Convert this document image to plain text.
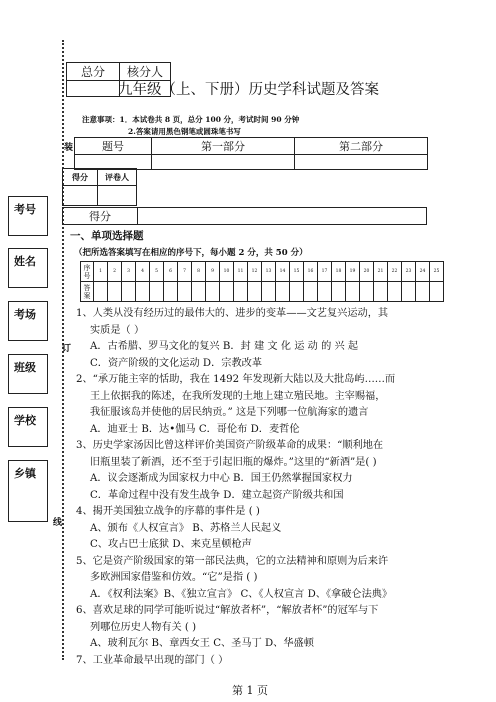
装
订
线
总分	核分人

九年级（上、下册）历史学科试题及答案
注意事项：1．本试卷共 8 页，总分 100 分，考试时间 90 分钟
2.答案请用黑色钢笔或圆珠笔书写
题号	第一部分	第二部分

得分	评卷人

得分	
考号
姓名
考场
班级
学校
乡镇
一、单项选择题
（把所选答案填写在相应的序号下，每小题 2 分，共 50 分）
序号	1	2	3	4	5	6	7	8	9	10	11	12	13	14	15	16	17	18	19	20	21	22	23	24	25
答案																									
1、人类从没有经历过的最伟大的、进步的变革——文艺复兴运动，其
实质是（ ）
A．古希腊、罗马文化的复兴 B．封 建 文 化 运 动 的 兴 起
C．资产阶级的文化运动 D．宗教改革
2、“承万能主宰的恬助，我在 1492 年发现新大陆以及大批岛屿……而
王上依据我的陈述，在我所发现的土地上建立殖民地。主宰赐福，
我征服该岛并使他的居民纳贡。” 这是下列哪一位航海家的遗言
A．迪亚士 B．达•伽马 C．哥伦布 D．麦哲伦
3、历史学家汤因比曾这样评价美国资产阶级革命的成果：“顺利地在
旧瓶里装了新酒，还不至于引起旧瓶的爆炸。”这里的“新酒”是( )
A．议会逐渐成为国家权力中心 B．国王仍然掌握国家权力
C．革命过程中没有发生战争 D．建立起资产阶级共和国
4、揭开美国独立战争的序幕的事件是 ( )
A、颁布《人权宣言》 B、苏格兰人民起义
C、攻占巴士底狱 D、来克星顿枪声
5、它是资产阶级国家的第一部民法典，它的立法精神和原则为后来许
多欧洲国家借鉴和仿效。“它”是指 ( )
A．《权利法案》B、《独立宣言》 C、《人权宣言 D、《拿破仑法典》
6、喜欢足球的同学可能听说过“解放者杯”，“解放者杯”的冠军与下
列哪位历史人物有关 ( )
A、玻利瓦尔 B、章西女王 C、圣马丁 D、华盛顿
7、工业革命最早出现的部门（ ）
第 1 页
